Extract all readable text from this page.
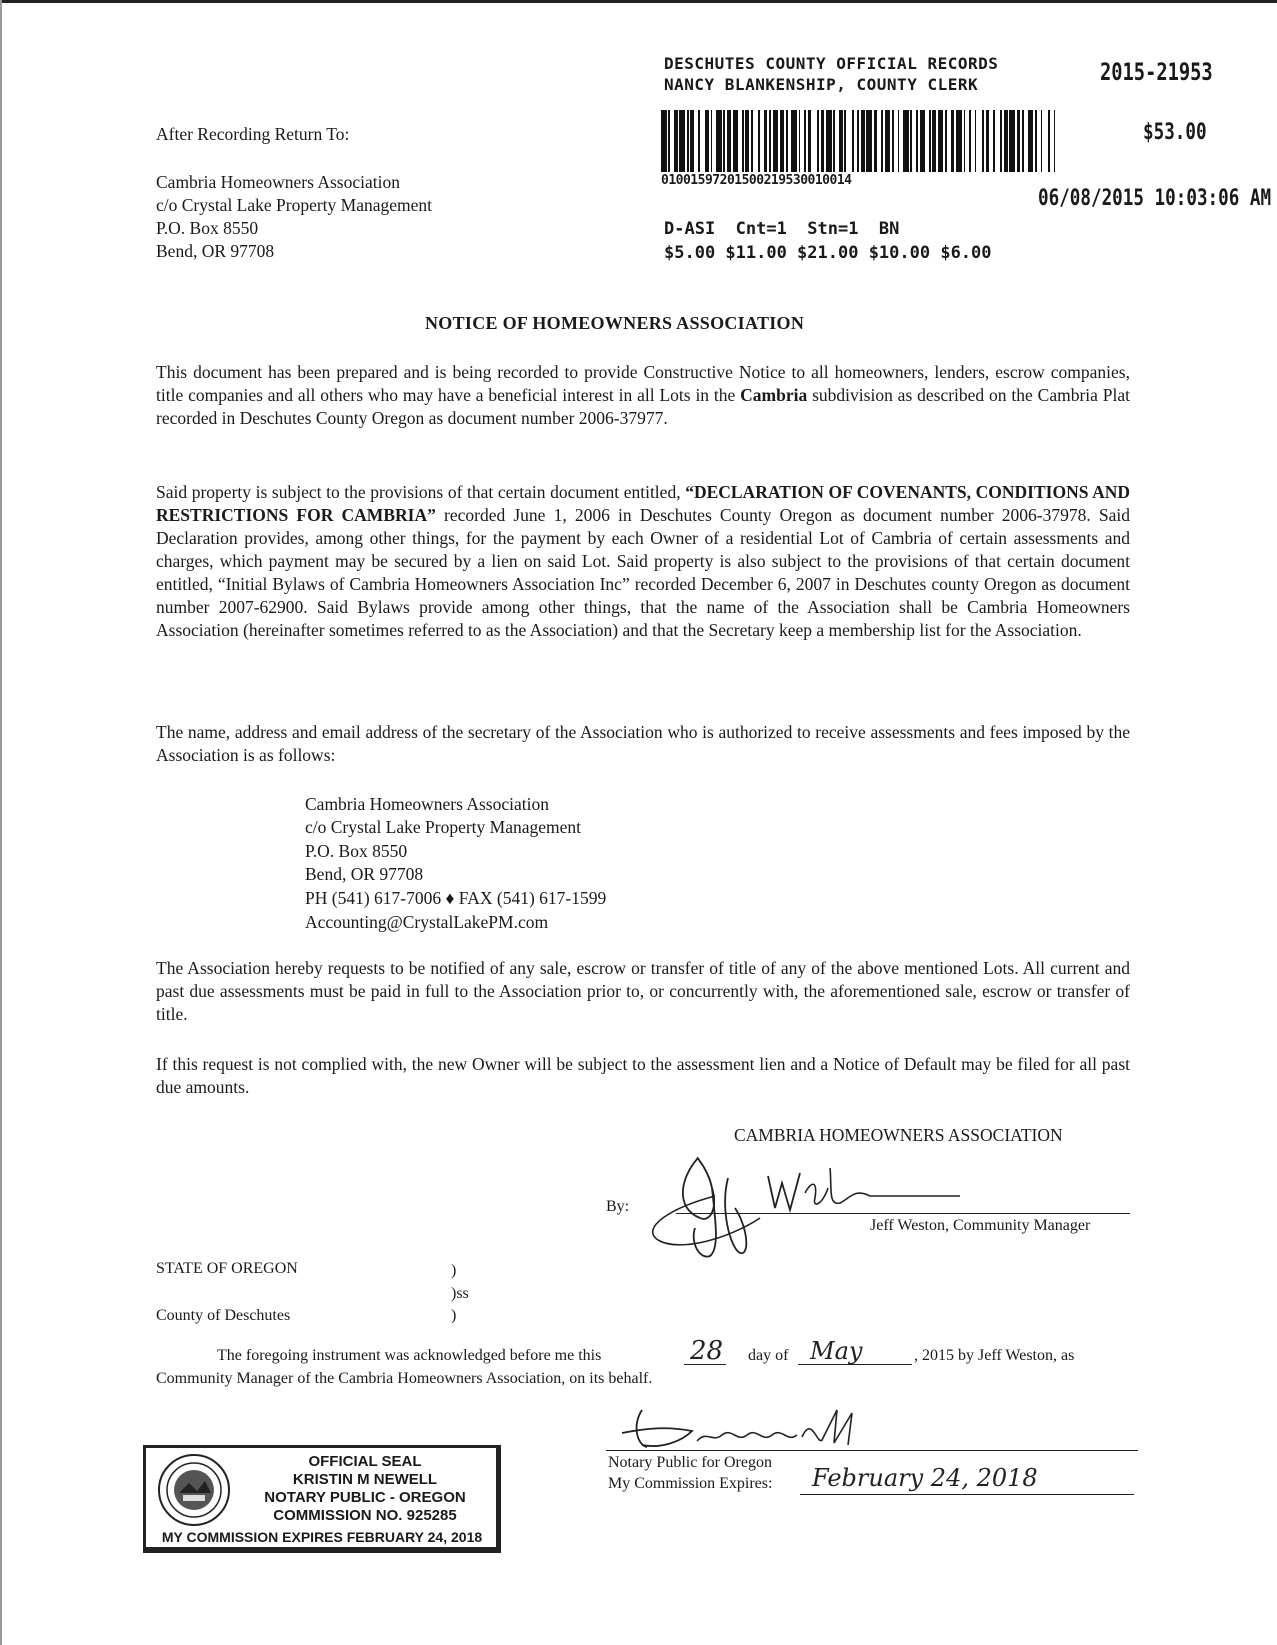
DESCHUTES COUNTY OFFICIAL RECORDS
NANCY BLANKENSHIP, COUNTY CLERK	2015-21953
$53.00
01001597201500219530010014
06/08/2015 10:03:06 AM
D-ASI  Cnt=1  Stn=1  BN
$5.00 $11.00 $21.00 $10.00 $6.00
After Recording Return To:
Cambria Homeowners Association
c/o Crystal Lake Property Management
P.O. Box 8550
Bend, OR 97708
NOTICE OF HOMEOWNERS ASSOCIATION
This document has been prepared and is being recorded to provide Constructive Notice to all homeowners, lenders, escrow companies, title companies and all others who may have a beneficial interest in all Lots in the Cambria subdivision as described on the Cambria Plat recorded in Deschutes County Oregon as document number 2006-37977.
Said property is subject to the provisions of that certain document entitled, “DECLARATION OF COVENANTS, CONDITIONS AND RESTRICTIONS FOR CAMBRIA” recorded June 1, 2006 in Deschutes County Oregon as document number 2006-37978. Said Declaration provides, among other things, for the payment by each Owner of a residential Lot of Cambria of certain assessments and charges, which payment may be secured by a lien on said Lot. Said property is also subject to the provisions of that certain document entitled, “Initial Bylaws of Cambria Homeowners Association Inc” recorded December 6, 2007 in Deschutes county Oregon as document number 2007-62900. Said Bylaws provide among other things, that the name of the Association shall be Cambria Homeowners Association (hereinafter sometimes referred to as the Association) and that the Secretary keep a membership list for the Association.
The name, address and email address of the secretary of the Association who is authorized to receive assessments and fees imposed by the Association is as follows:
Cambria Homeowners Association
c/o Crystal Lake Property Management
P.O. Box 8550
Bend, OR 97708
PH (541) 617-7006 ♦ FAX (541) 617-1599
Accounting@CrystalLakePM.com
The Association hereby requests to be notified of any sale, escrow or transfer of title of any of the above mentioned Lots. All current and past due assessments must be paid in full to the Association prior to, or concurrently with, the aforementioned sale, escrow or transfer of title.
If this request is not complied with, the new Owner will be subject to the assessment lien and a Notice of Default may be filed for all past due amounts.
CAMBRIA HOMEOWNERS ASSOCIATION
By:
Jeff Weston, Community Manager
STATE OF OREGON	)
)ss
County of Deschutes	)
The foregoing instrument was acknowledged before me this	28 day of May	, 2015 by Jeff Weston, as
Community Manager of the Cambria Homeowners Association, on its behalf.
Notary Public for Oregon
My Commission Expires: February 24, 2018
OFFICIAL SEAL
KRISTIN M NEWELL
NOTARY PUBLIC - OREGON
COMMISSION NO. 925285
MY COMMISSION EXPIRES FEBRUARY 24, 2018
